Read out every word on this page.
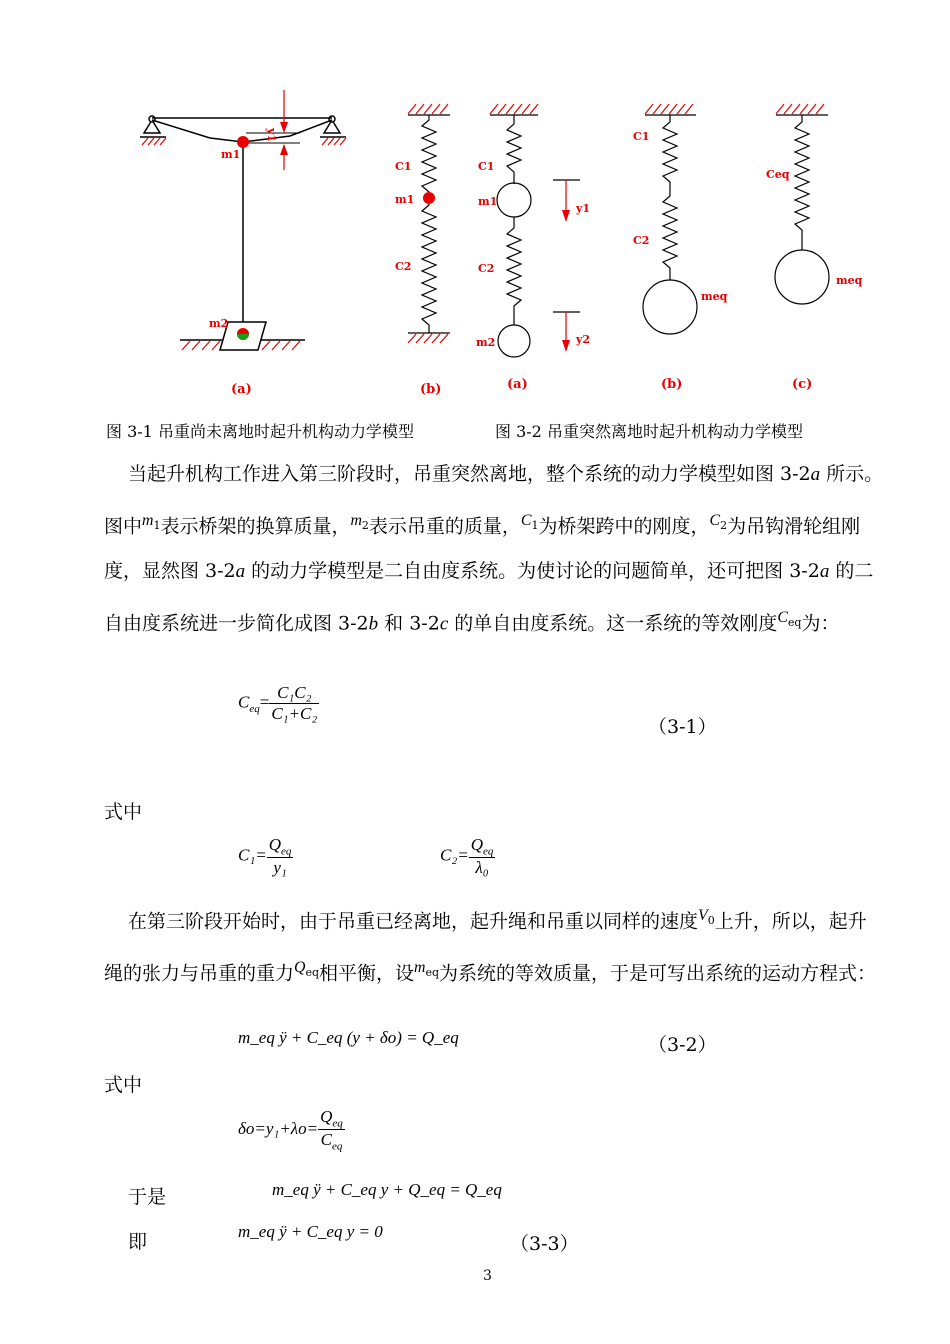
m1
m2
y1
(a)
C1
m1
C2
(b)
C1
m1
C2
m2
y1
y2
(a)
C1
C2
meq
(b)
Ceq
meq
(c)
图 3-1 吊重尚未离地时起升机构动力学模型	图 3-2 吊重突然离地时起升机构动力学模型

当起升机构工作进入第三阶段时，吊重突然离地，整个系统的动力学模型如图 3-2a 所示。图中$^{m_1}$表示桥架的换算质量，$^{m_2}$表示吊重的质量，$^{C_1}$为桥架跨中的刚度，$^{C_2}$为吊钩滑轮组刚度，显然图 3-2a 的动力学模型是二自由度系统。为使讨论的问题简单，还可把图 3-2a 的二自由度系统进一步简化成图 3-2b 和 3-2c 的单自由度系统。这一系统的等效刚度$^{C_{eq}}$为：

$C_{eq}= \frac{\text{C₁C₂}}{\text{C₁+C₂}}$
（3-1）
式中
$C_1= \frac{Q_{eq}}{\text{y₁}}$	$C_2= \frac{Q_{eq}}{\text{λ₀}}$

在第三阶段开始时，由于吊重已经离地，起升绳和吊重以同样的速度$^{V_0}$上升，所以，起升绳的张力与吊重的重力$^{Q_{eq}}$相平衡，设$^{m_{eq}}$为系统的等效质量，于是可写出系统的运动方程式：

m_eq ÿ + C_eq (y + δo) = Q_eq	（3-2）
式中
$\delta o=y_1+\lambda o= \frac{Q_{eq}}{C_{eq}}$
于是	m_eq ÿ + C_eq y + Q_eq = Q_eq
即	m_eq ÿ + C_eq y = 0
（3-3）
3
